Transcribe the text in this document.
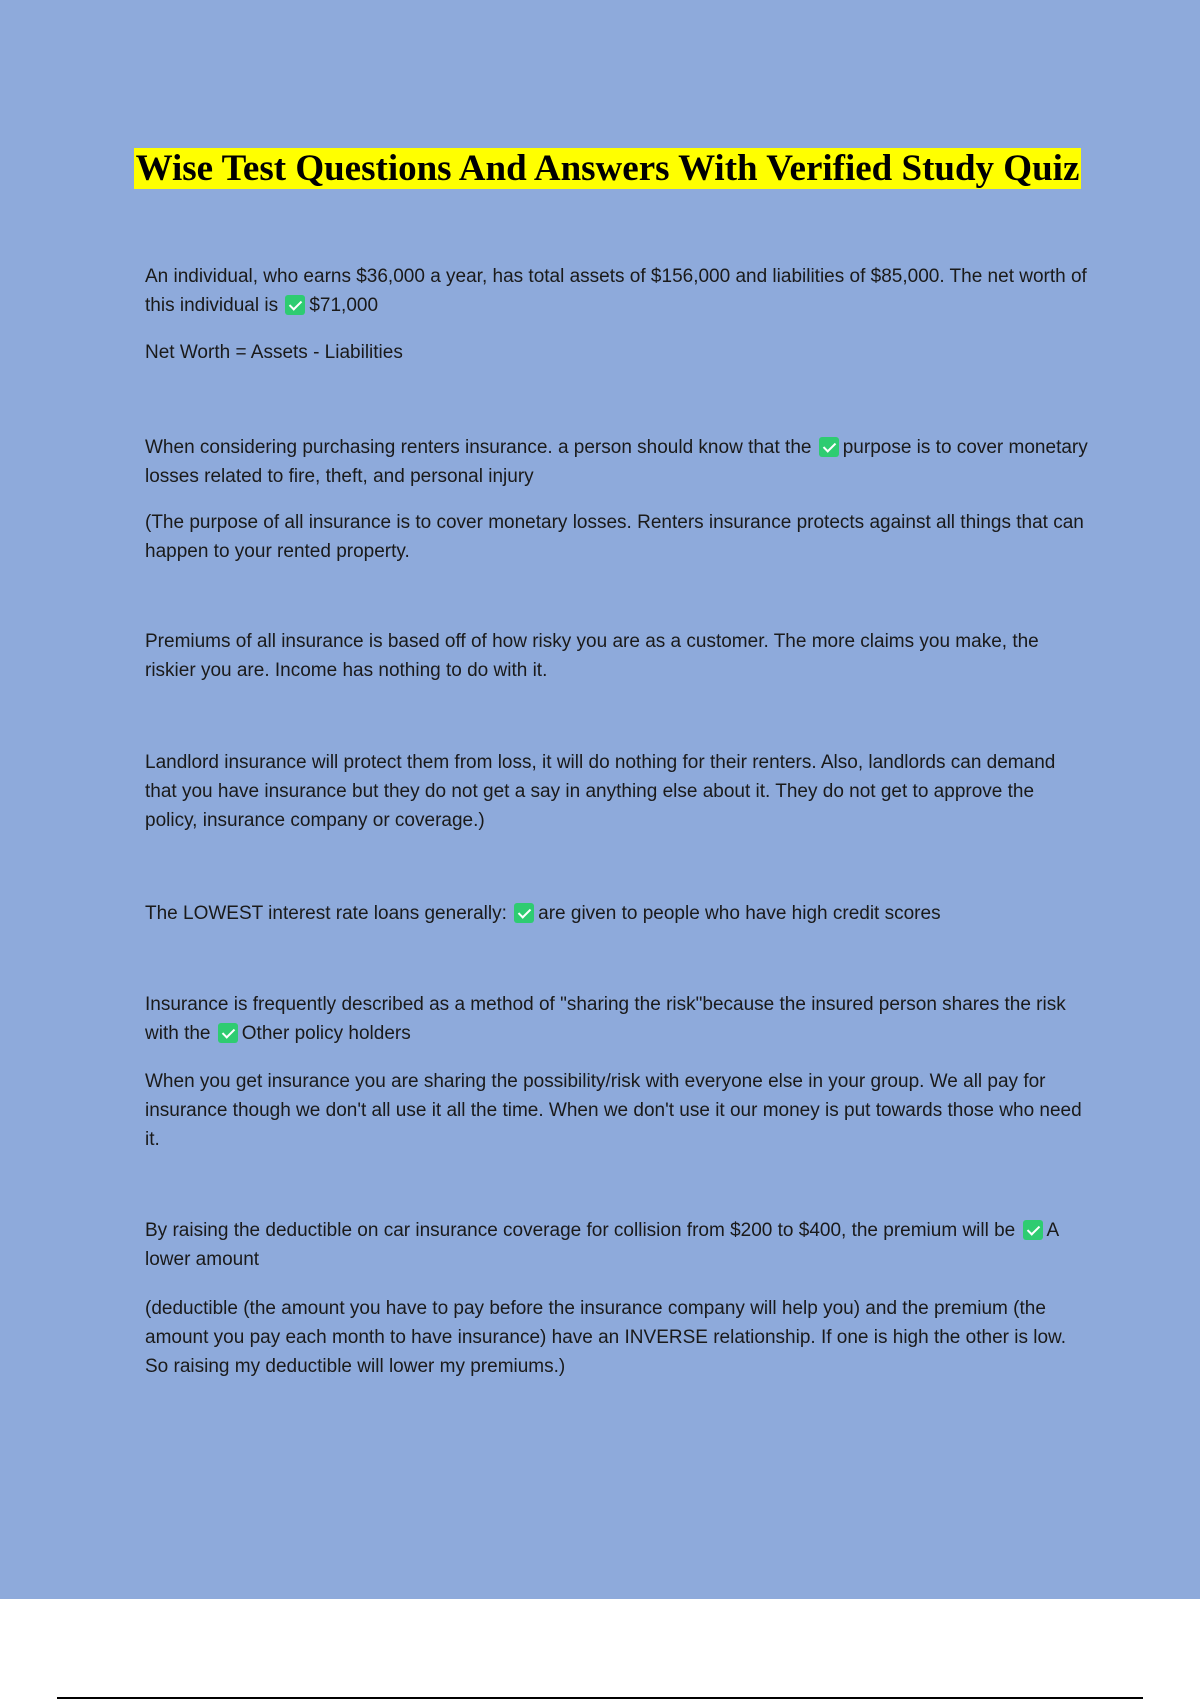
Wise Test Questions And Answers With Verified Study Quiz

An individual, who earns $36,000 a year, has total assets of $156,000 and liabilities of $85,000. The net worth of this individual is $71,000

Net Worth = Assets - Liabilities

When considering purchasing renters insurance. a person should know that the purpose is to cover monetary losses related to fire, theft, and personal injury

(The purpose of all insurance is to cover monetary losses. Renters insurance protects against all things that can happen to your rented property.

Premiums of all insurance is based off of how risky you are as a customer. The more claims you make, the riskier you are. Income has nothing to do with it.

Landlord insurance will protect them from loss, it will do nothing for their renters. Also, landlords can demand that you have insurance but they do not get a say in anything else about it. They do not get to approve the policy, insurance company or coverage.)

The LOWEST interest rate loans generally: are given to people who have high credit scores

Insurance is frequently described as a method of "sharing the risk"because the insured person shares the risk with the Other policy holders

When you get insurance you are sharing the possibility/risk with everyone else in your group. We all pay for insurance though we don't all use it all the time. When we don't use it our money is put towards those who need it.

By raising the deductible on car insurance coverage for collision from $200 to $400, the premium will be A lower amount

(deductible (the amount you have to pay before the insurance company will help you) and the premium (the amount you pay each month to have insurance) have an INVERSE relationship. If one is high the other is low. So raising my deductible will lower my premiums.)
